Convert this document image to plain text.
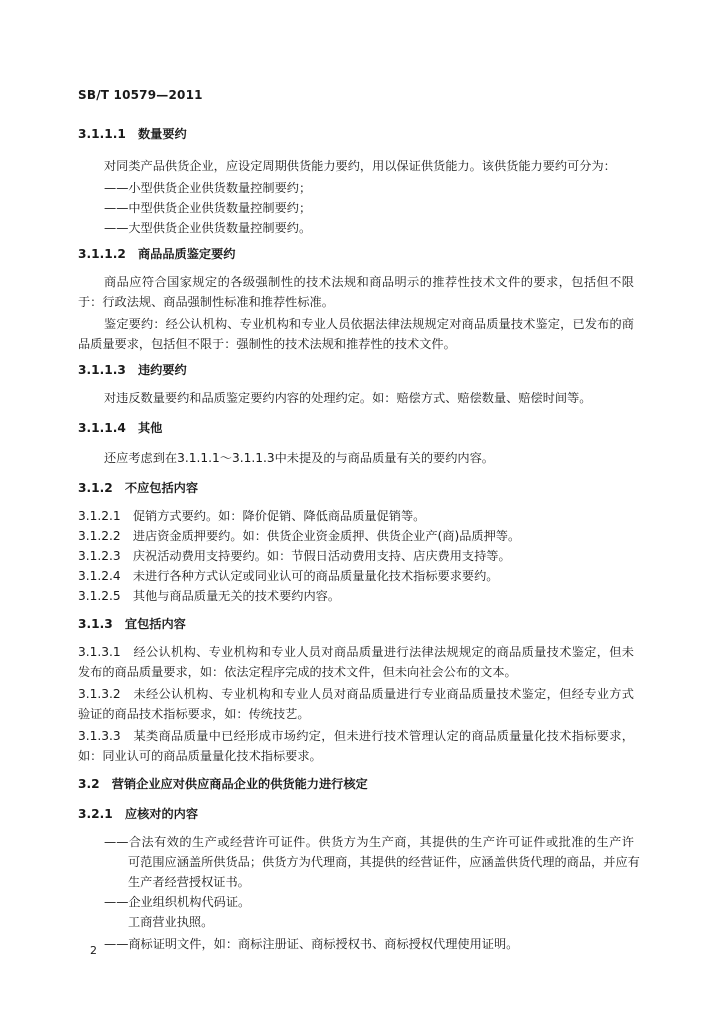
SB/T 10579—2011
3.1.1.1　数量要约
对同类产品供货企业，应设定周期供货能力要约，用以保证供货能力。该供货能力要约可分为：
——小型供货企业供货数量控制要约；
——中型供货企业供货数量控制要约；
——大型供货企业供货数量控制要约。
3.1.1.2　商品品质鉴定要约
商品应符合国家规定的各级强制性的技术法规和商品明示的推荐性技术文件的要求，包括但不限
于：行政法规、商品强制性标准和推荐性标准。
鉴定要约：经公认机构、专业机构和专业人员依据法律法规规定对商品质量技术鉴定，已发布的商
品质量要求，包括但不限于：强制性的技术法规和推荐性的技术文件。
3.1.1.3　违约要约
对违反数量要约和品质鉴定要约内容的处理约定。如：赔偿方式、赔偿数量、赔偿时间等。
3.1.1.4　其他
还应考虑到在3.1.1.1～3.1.1.3中未提及的与商品质量有关的要约内容。
3.1.2　不应包括内容
3.1.2.1　促销方式要约。如：降价促销、降低商品质量促销等。
3.1.2.2　进店资金质押要约。如：供货企业资金质押、供货企业产(商)品质押等。
3.1.2.3　庆祝活动费用支持要约。如：节假日活动费用支持、店庆费用支持等。
3.1.2.4　未进行各种方式认定或同业认可的商品质量量化技术指标要求要约。
3.1.2.5　其他与商品质量无关的技术要约内容。
3.1.3　宜包括内容
3.1.3.1　经公认机构、专业机构和专业人员对商品质量进行法律法规规定的商品质量技术鉴定，但未
发布的商品质量要求，如：依法定程序完成的技术文件，但未向社会公布的文本。
3.1.3.2　未经公认机构、专业机构和专业人员对商品质量进行专业商品质量技术鉴定，但经专业方式
验证的商品技术指标要求，如：传统技艺。
3.1.3.3　某类商品质量中已经形成市场约定，但未进行技术管理认定的商品质量量化技术指标要求，
如：同业认可的商品质量量化技术指标要求。
3.2　营销企业应对供应商品企业的供货能力进行核定
3.2.1　应核对的内容
——合法有效的生产或经营许可证件。供货方为生产商，其提供的生产许可证件或批准的生产许
可范围应涵盖所供货品；供货方为代理商，其提供的经营证件，应涵盖供货代理的商品，并应有
生产者经营授权证书。
——企业组织机构代码证。
工商营业执照。
——商标证明文件，如：商标注册证、商标授权书、商标授权代理使用证明。
2
